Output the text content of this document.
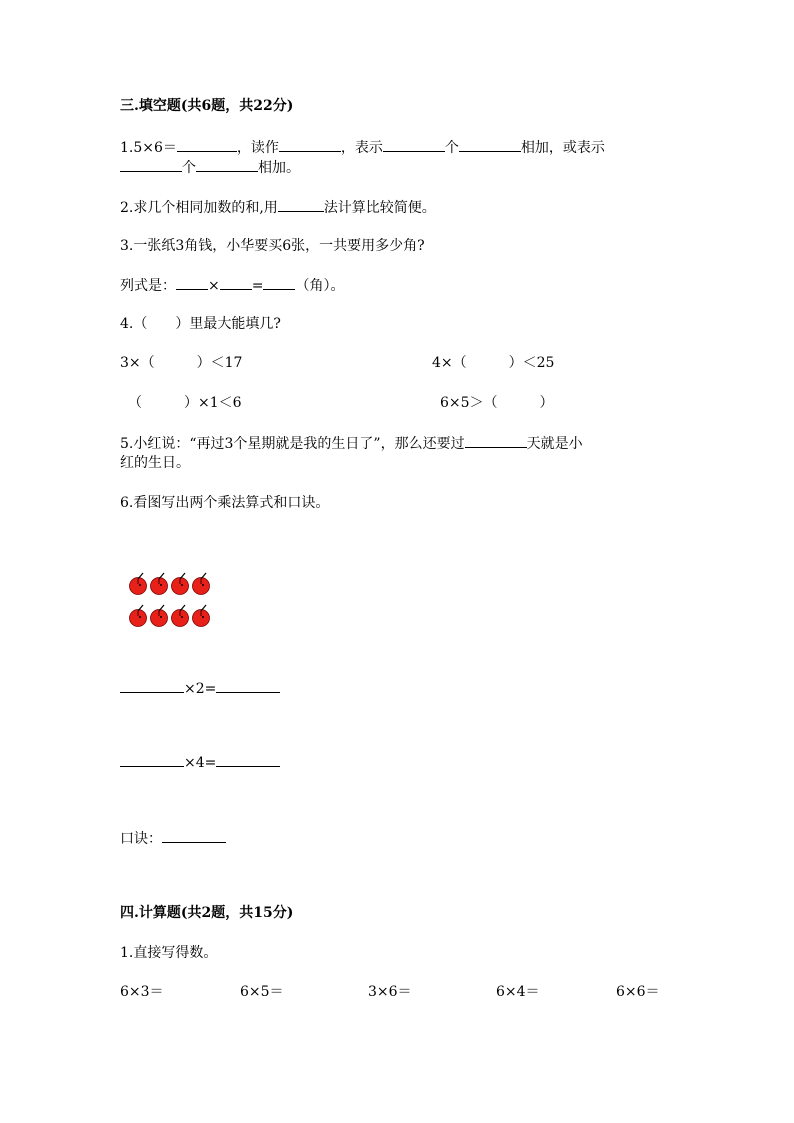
三.填空题(共6题，共22分)
1.5×6＝	，读作	，表示	个	相加，或表示
个	相加。
2.求几个相同加数的和,用	法计算比较简便。
3.一张纸3角钱，小华要买6张，一共要用多少角?
列式是： × = （角）。
4.（　　）里最大能填几?
3×（　　　）＜17	4×（　　　）＜25
（　　　）×1＜6	6×5＞（　　　）
5.小红说：“再过3个星期就是我的生日了”，那么还要过	天就是小
红的生日。
6.看图写出两个乘法算式和口诀。
×2=
×4=
口诀：
四.计算题(共2题，共15分)
1.直接写得数。
6×3＝	6×5＝	3×6＝	6×4＝	6×6＝
